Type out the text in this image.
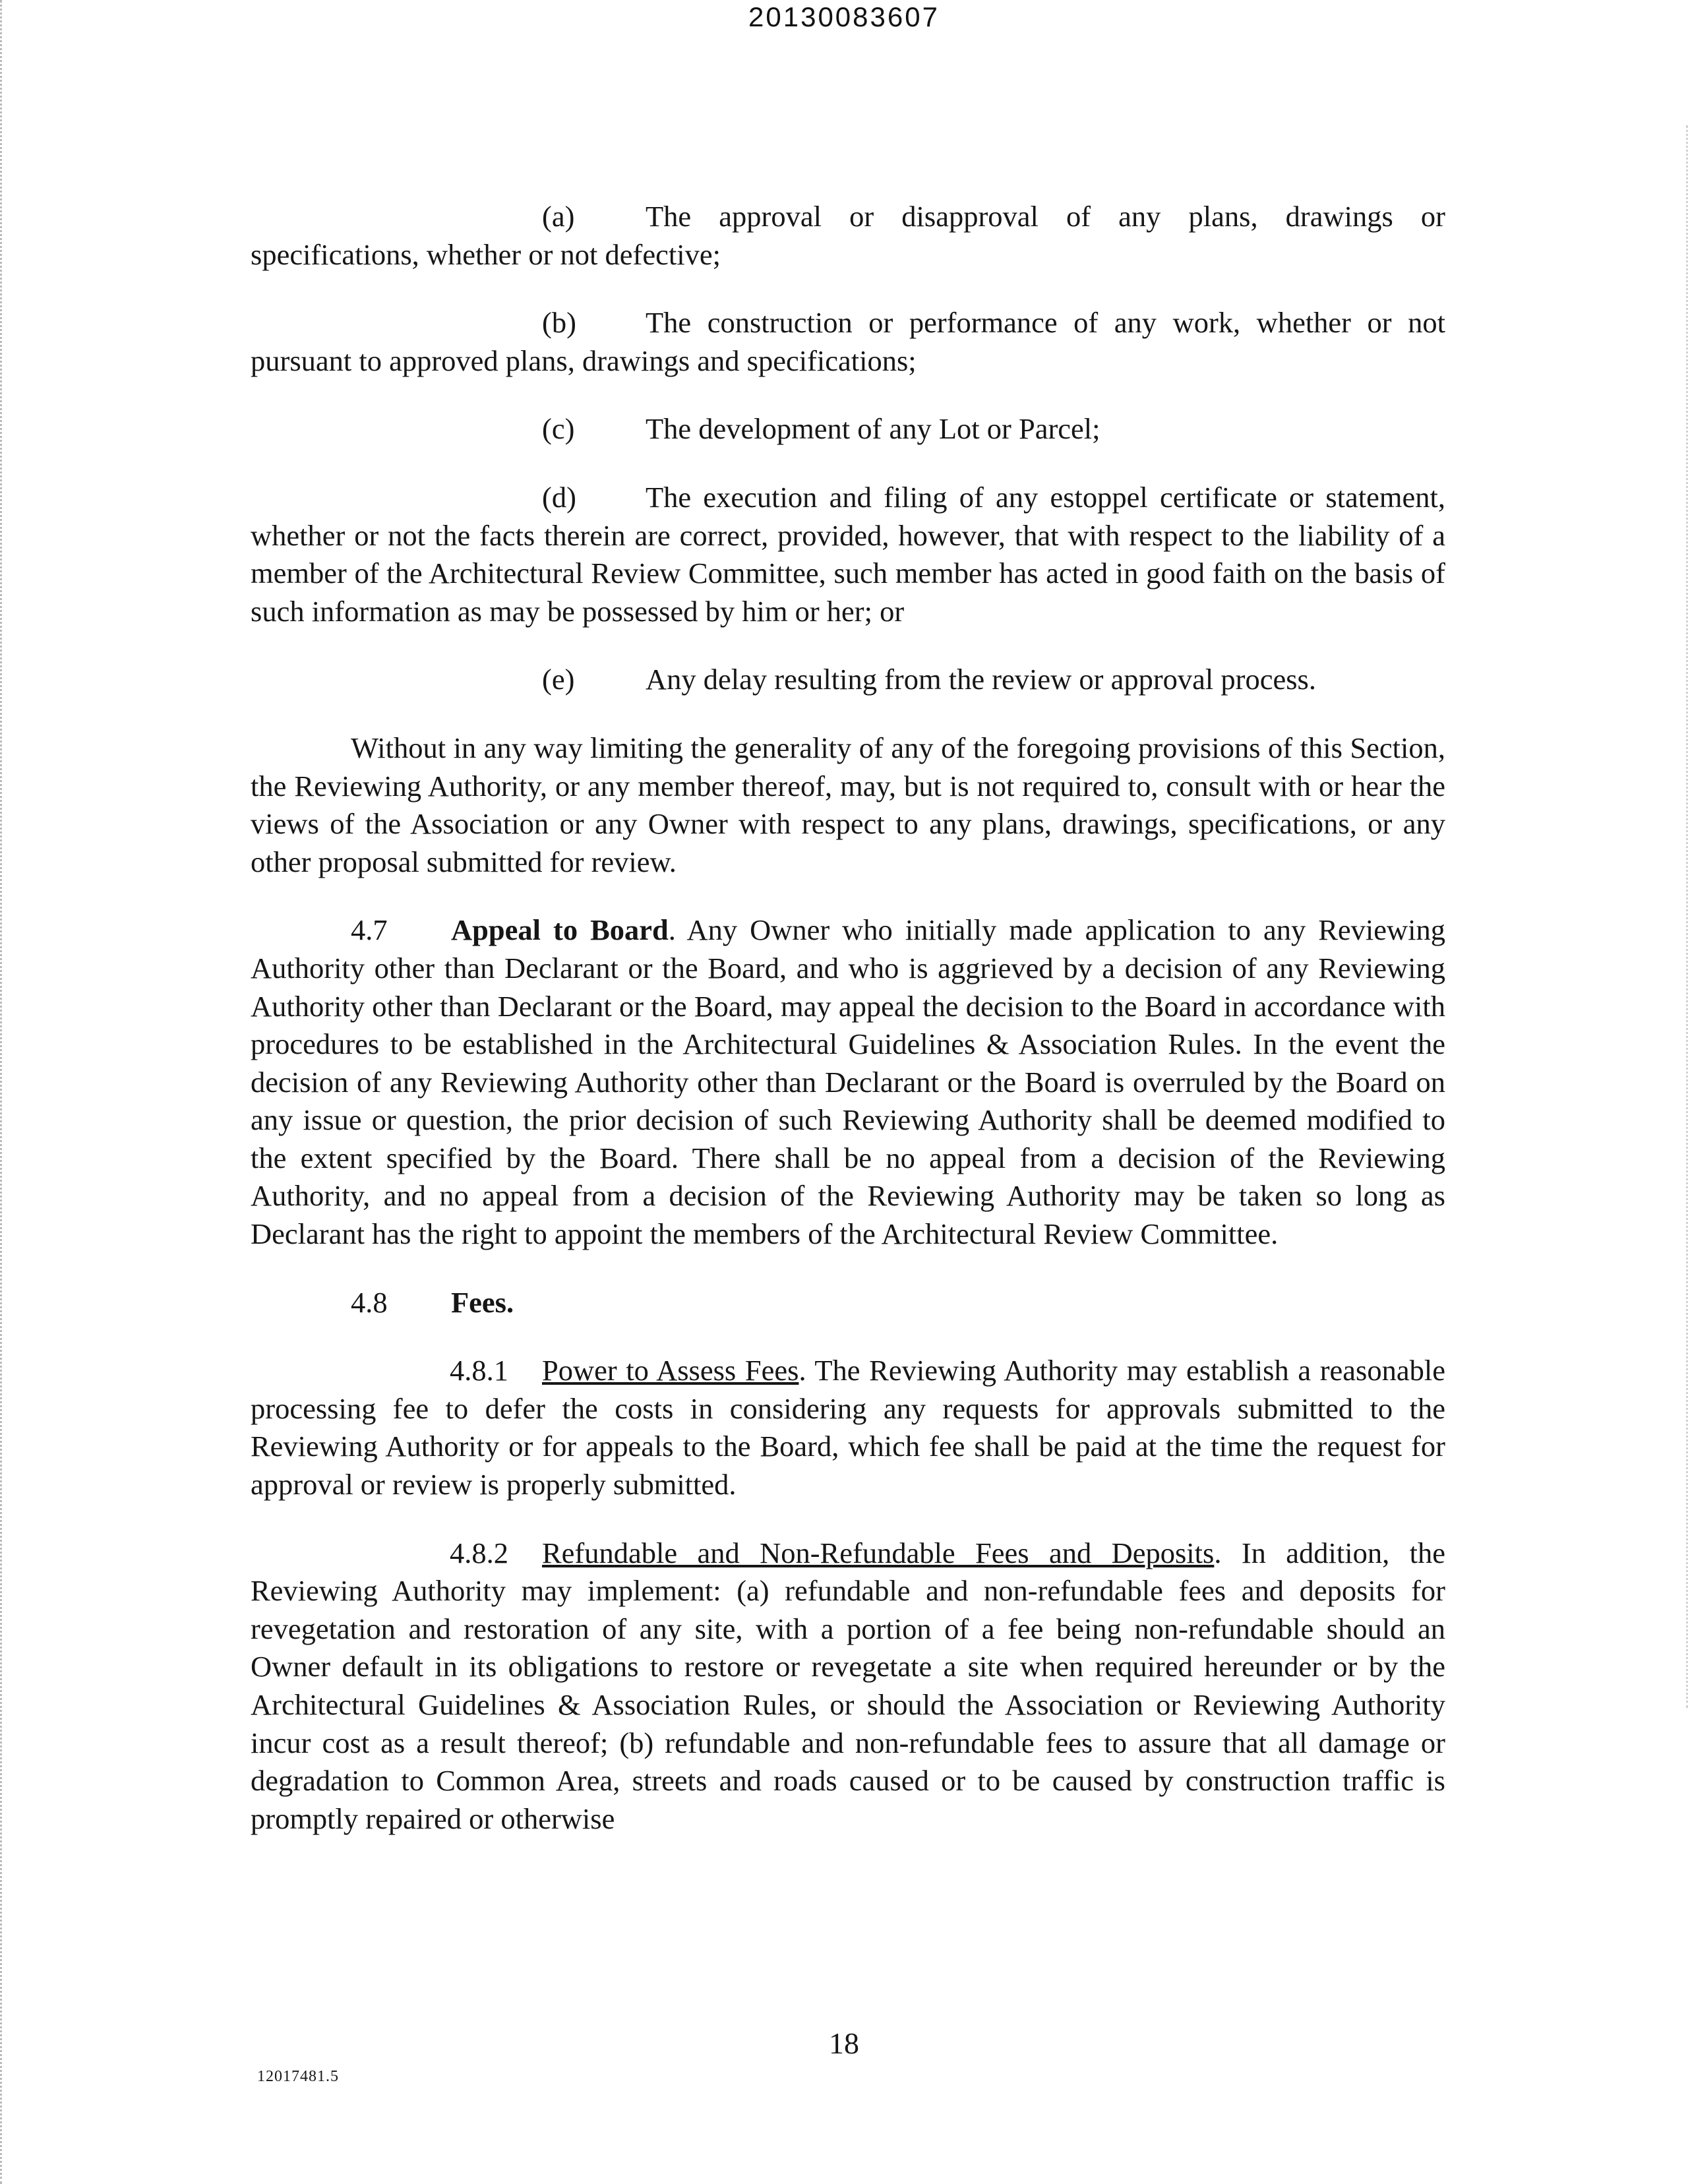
20130083607

(a) The approval or disapproval of any plans, drawings or specifications, whether or not defective;

(b) The construction or performance of any work, whether or not pursuant to approved plans, drawings and specifications;

(c) The development of any Lot or Parcel;

(d) The execution and filing of any estoppel certificate or statement, whether or not the facts therein are correct, provided, however, that with respect to the liability of a member of the Architectural Review Committee, such member has acted in good faith on the basis of such information as may be possessed by him or her; or

(e) Any delay resulting from the review or approval process.

Without in any way limiting the generality of any of the foregoing provisions of this Section, the Reviewing Authority, or any member thereof, may, but is not required to, consult with or hear the views of the Association or any Owner with respect to any plans, drawings, specifications, or any other proposal submitted for review.

4.7 Appeal to Board. Any Owner who initially made application to any Reviewing Authority other than Declarant or the Board, and who is aggrieved by a decision of any Reviewing Authority other than Declarant or the Board, may appeal the decision to the Board in accordance with procedures to be established in the Architectural Guidelines & Association Rules. In the event the decision of any Reviewing Authority other than Declarant or the Board is overruled by the Board on any issue or question, the prior decision of such Reviewing Authority shall be deemed modified to the extent specified by the Board. There shall be no appeal from a decision of the Reviewing Authority, and no appeal from a decision of the Reviewing Authority may be taken so long as Declarant has the right to appoint the members of the Architectural Review Committee.

4.8 Fees.

4.8.1 Power to Assess Fees. The Reviewing Authority may establish a reasonable processing fee to defer the costs in considering any requests for approvals submitted to the Reviewing Authority or for appeals to the Board, which fee shall be paid at the time the request for approval or review is properly submitted.

4.8.2 Refundable and Non-Refundable Fees and Deposits. In addition, the Reviewing Authority may implement: (a) refundable and non-refundable fees and deposits for revegetation and restoration of any site, with a portion of a fee being non-refundable should an Owner default in its obligations to restore or revegetate a site when required hereunder or by the Architectural Guidelines & Association Rules, or should the Association or Reviewing Authority incur cost as a result thereof; (b) refundable and non-refundable fees to assure that all damage or degradation to Common Area, streets and roads caused or to be caused by construction traffic is promptly repaired or otherwise

18
12017481.5
